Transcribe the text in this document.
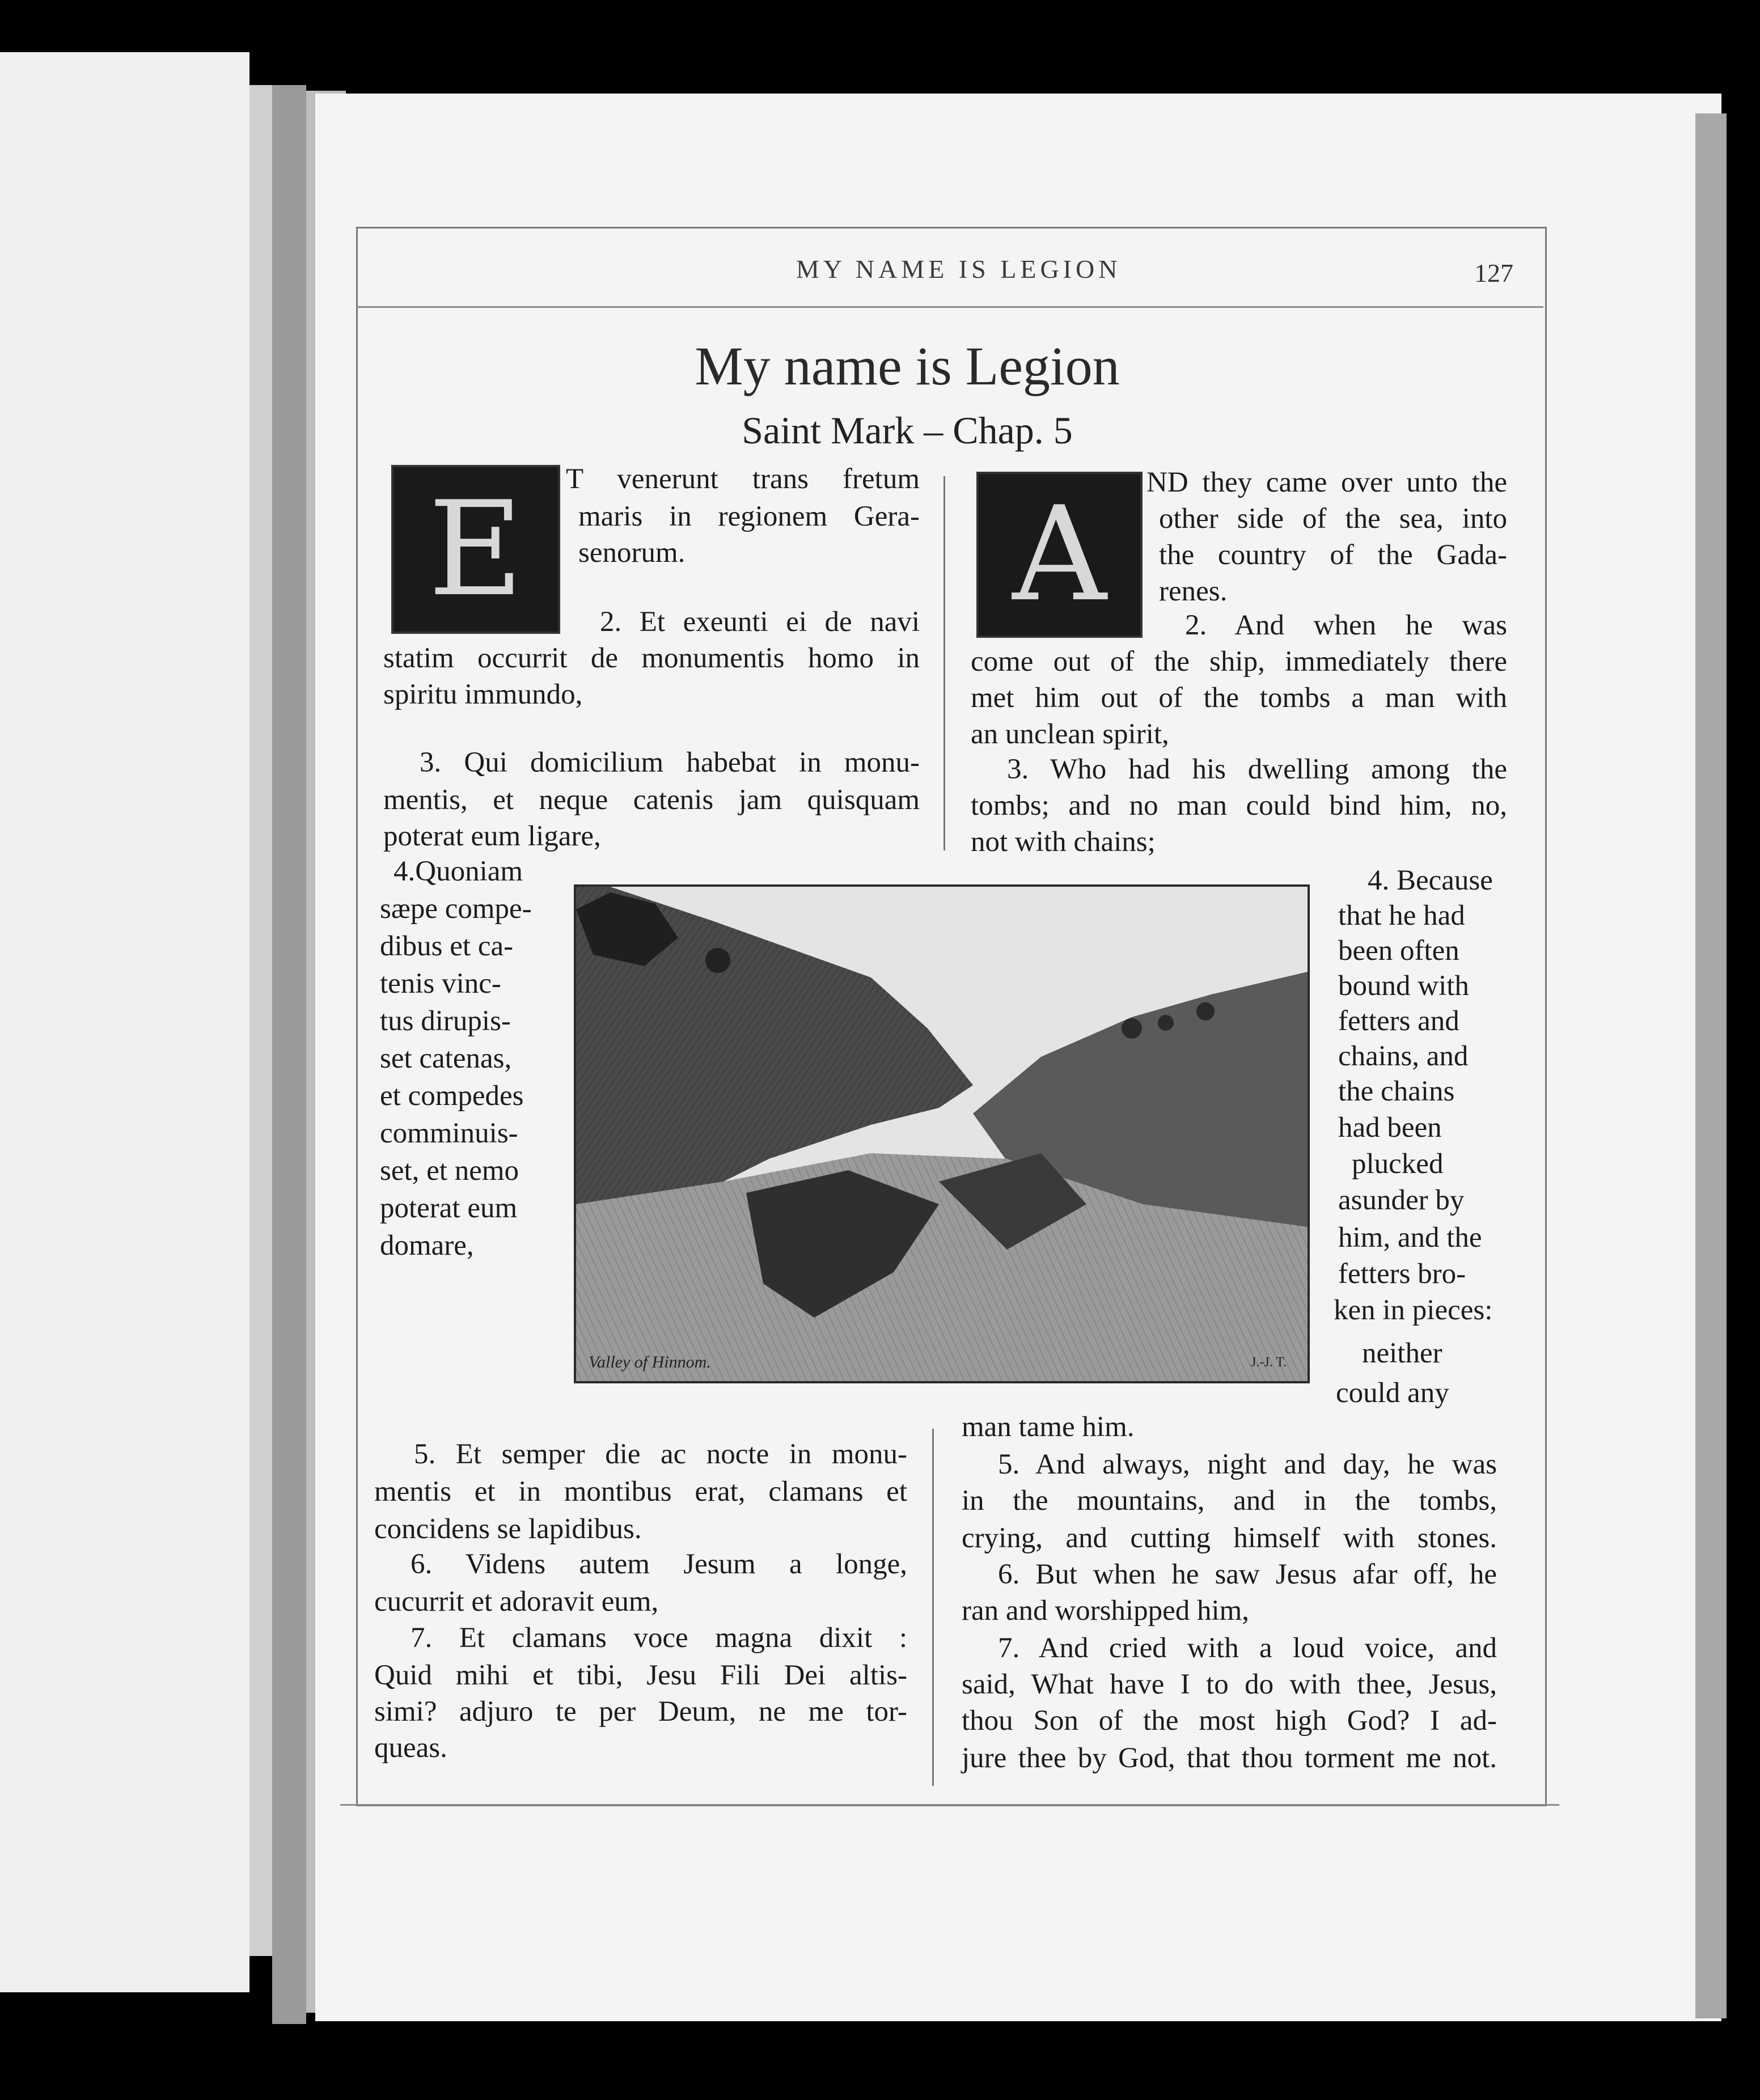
MY NAME IS LEGION	127
My name is Legion
Saint Mark – Chap. 5
E	A
T venerunt trans fretum
maris in regionem Gera-
senorum.
2. Et exeunti ei de navi
statim occurrit de monumentis homo in
spiritu immundo,
3. Qui domicilium habebat in monu-
mentis, et neque catenis jam quisquam
poterat eum ligare,
4.Quoniam
sæpe compe-
dibus et ca-
tenis vinc-
tus dirupis-
set catenas,
et compedes
comminuis-
set, et nemo
poterat eum
domare,
5. Et semper die ac nocte in monu-
mentis et in montibus erat, clamans et
concidens se lapidibus.
6. Videns autem Jesum a longe,
cucurrit et adoravit eum,
7. Et clamans voce magna dixit :
Quid mihi et tibi, Jesu Fili Dei altis-
simi? adjuro te per Deum, ne me tor-
queas.
ND they came over unto the
other side of the sea, into
the country of the Gada-
renes.
2. And when he was
come out of the ship, immediately there
met him out of the tombs a man with
an unclean spirit,
3. Who had his dwelling among the
tombs; and no man could bind him, no,
not with chains;
4. Because
that he had
been often
bound with
fetters and
chains, and
the chains
had been
plucked
asunder by
him, and the
fetters bro-
ken in pieces:
neither
could any
man tame him.
5. And always, night and day, he was
in the mountains, and in the tombs,
crying, and cutting himself with stones.
6. But when he saw Jesus afar off, he
ran and worshipped him,
7. And cried with a loud voice, and
said, What have I to do with thee, Jesus,
thou Son of the most high God? I ad-
jure thee by God, that thou torment me not.
Valley of Hinnom.	J.-J. T.
